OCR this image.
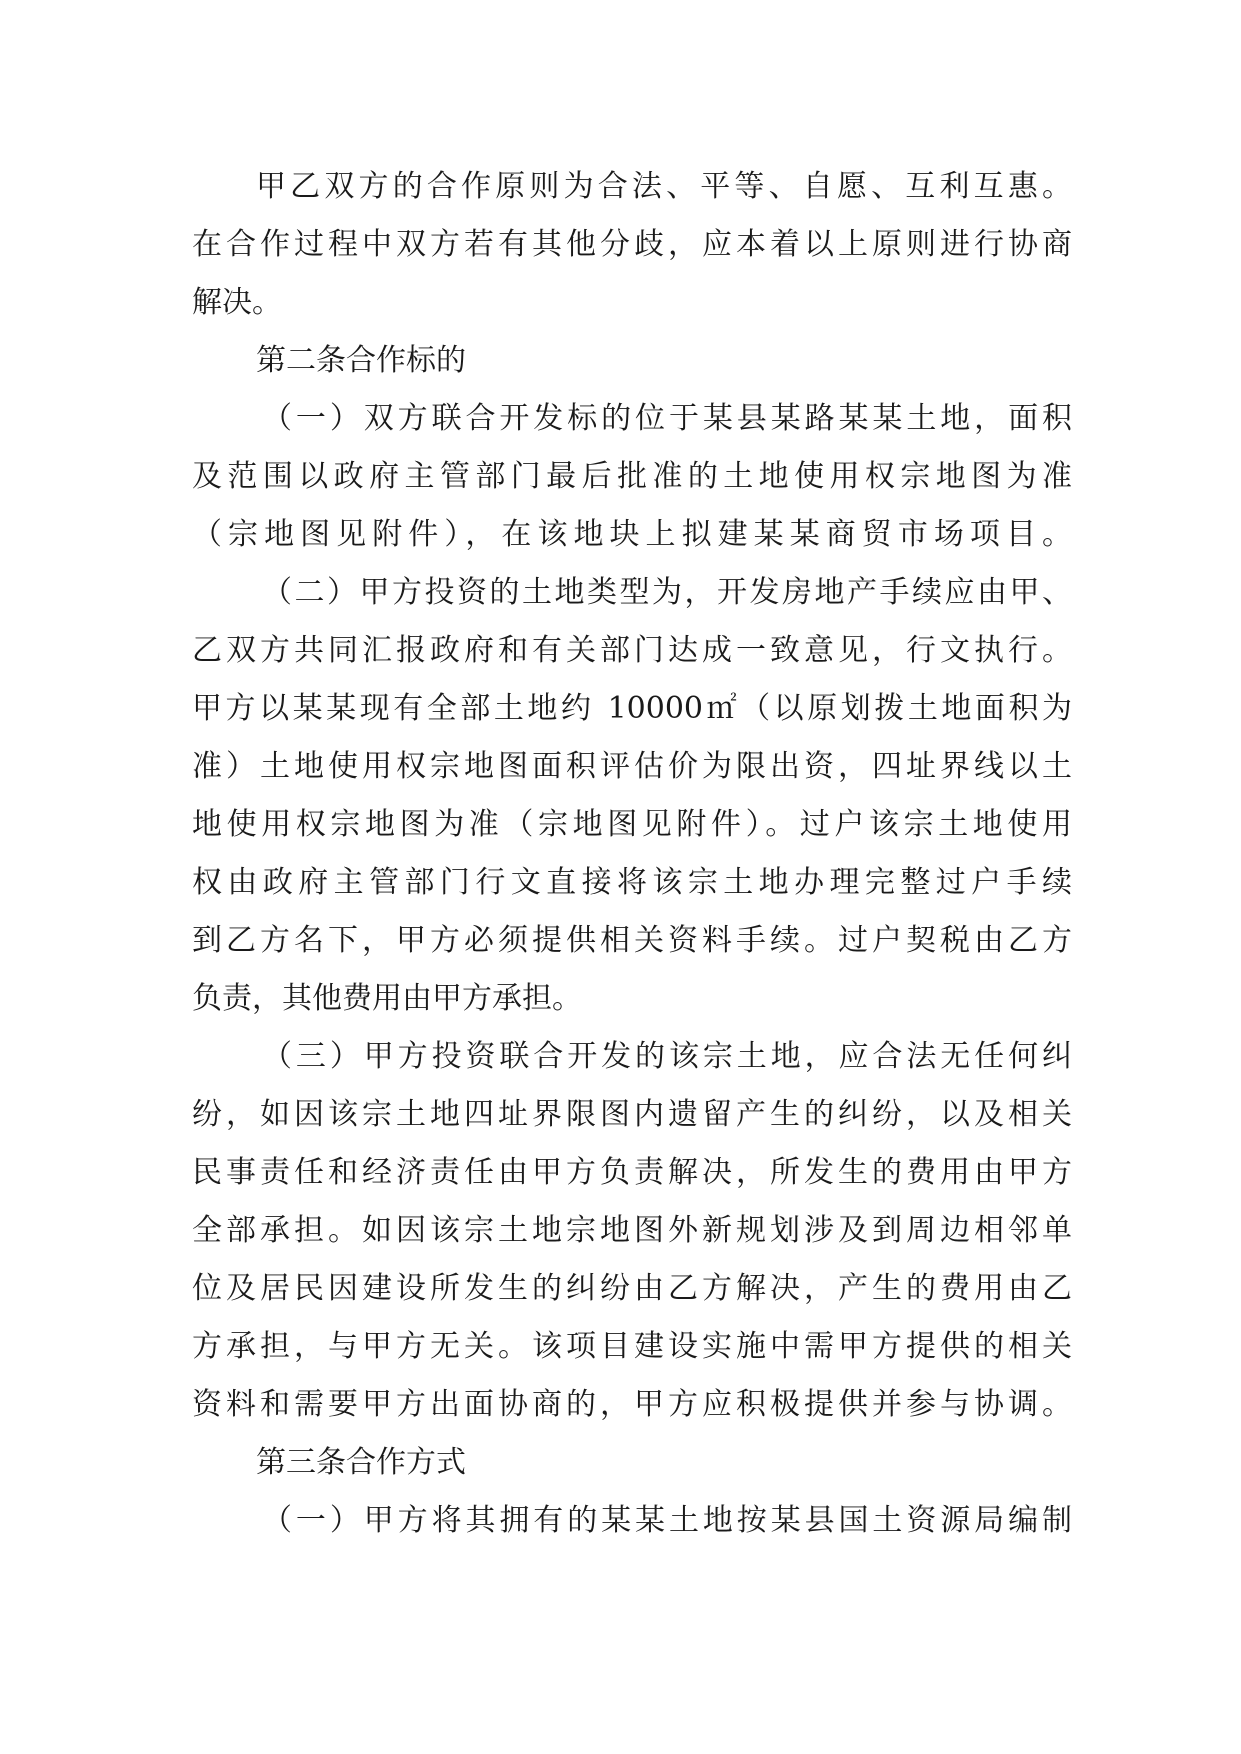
甲乙双方的合作原则为合法、平等、自愿、互利互惠。
在合作过程中双方若有其他分歧，应本着以上原则进行协商
解决。
第二条合作标的
（一）双方联合开发标的位于某县某路某某土地，面积
及范围以政府主管部门最后批准的土地使用权宗地图为准
（宗地图见附件），在该地块上拟建某某商贸市场项目。
（二）甲方投资的土地类型为，开发房地产手续应由甲、
乙双方共同汇报政府和有关部门达成一致意见，行文执行。
甲方以某某现有全部土地约 10000㎡（以原划拨土地面积为
准）土地使用权宗地图面积评估价为限出资，四址界线以土
地使用权宗地图为准（宗地图见附件）。过户该宗土地使用
权由政府主管部门行文直接将该宗土地办理完整过户手续
到乙方名下，甲方必须提供相关资料手续。过户契税由乙方
负责，其他费用由甲方承担。
（三）甲方投资联合开发的该宗土地，应合法无任何纠
纷，如因该宗土地四址界限图内遗留产生的纠纷，以及相关
民事责任和经济责任由甲方负责解决，所发生的费用由甲方
全部承担。如因该宗土地宗地图外新规划涉及到周边相邻单
位及居民因建设所发生的纠纷由乙方解决，产生的费用由乙
方承担，与甲方无关。该项目建设实施中需甲方提供的相关
资料和需要甲方出面协商的，甲方应积极提供并参与协调。
第三条合作方式
（一）甲方将其拥有的某某土地按某县国土资源局编制
